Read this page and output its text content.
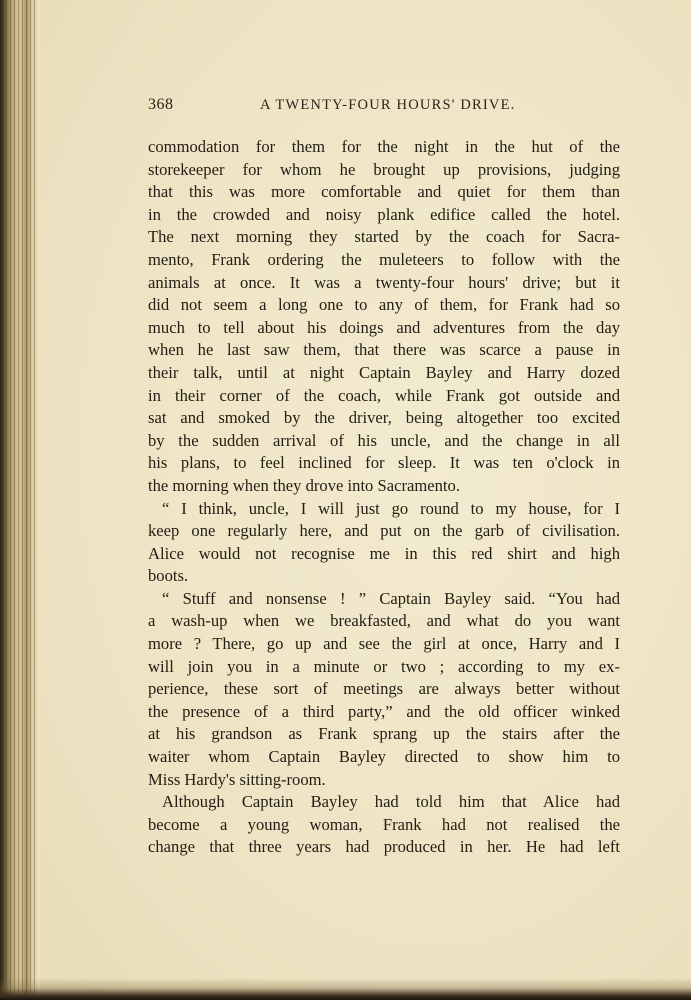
368	A TWENTY-FOUR HOURS' DRIVE.
commodation for them for the night in the hut of the
storekeeper for whom he brought up provisions, judging
that this was more comfortable and quiet for them than
in the crowded and noisy plank edifice called the hotel.
The next morning they started by the coach for Sacra-
mento, Frank ordering the muleteers to follow with the
animals at once. It was a twenty-four hours' drive; but it
did not seem a long one to any of them, for Frank had so
much to tell about his doings and adventures from the day
when he last saw them, that there was scarce a pause in
their talk, until at night Captain Bayley and Harry dozed
in their corner of the coach, while Frank got outside and
sat and smoked by the driver, being altogether too excited
by the sudden arrival of his uncle, and the change in all
his plans, to feel inclined for sleep. It was ten o'clock in
the morning when they drove into Sacramento.
“ I think, uncle, I will just go round to my house, for I
keep one regularly here, and put on the garb of civilisation.
Alice would not recognise me in this red shirt and high
boots.
“ Stuff and nonsense ! ” Captain Bayley said. “You had
a wash-up when we breakfasted, and what do you want
more ? There, go up and see the girl at once, Harry and I
will join you in a minute or two ; according to my ex-
perience, these sort of meetings are always better without
the presence of a third party,” and the old officer winked
at his grandson as Frank sprang up the stairs after the
waiter whom Captain Bayley directed to show him to
Miss Hardy's sitting-room.
Although Captain Bayley had told him that Alice had
become a young woman, Frank had not realised the
change that three years had produced in her. He had left
